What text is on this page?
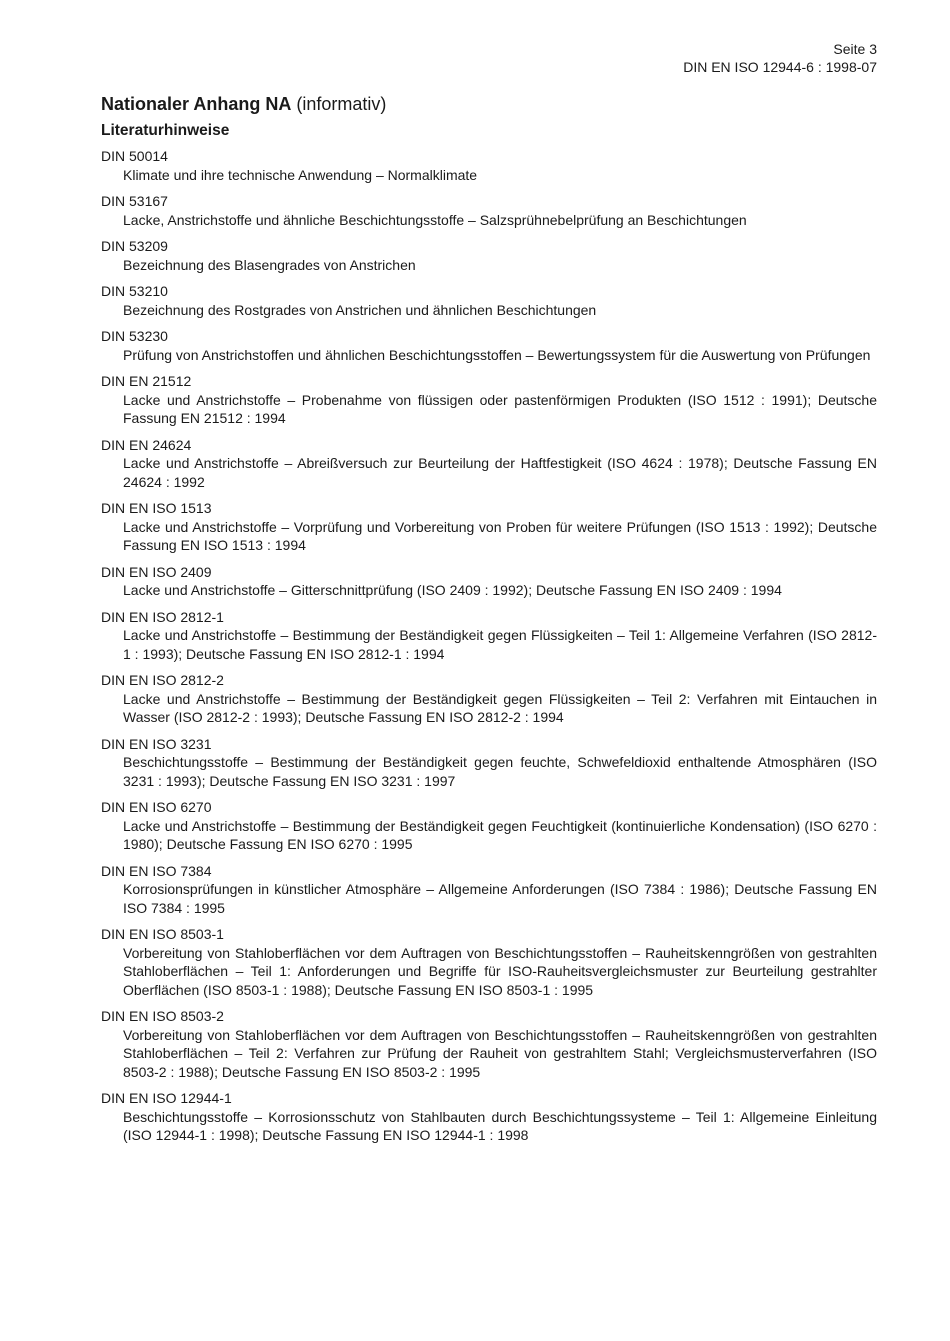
Seite 3
DIN EN ISO 12944-6 : 1998-07
Nationaler Anhang NA (informativ)
Literaturhinweise
DIN 50014
Klimate und ihre technische Anwendung – Normalklimate
DIN 53167
Lacke, Anstrichstoffe und ähnliche Beschichtungsstoffe – Salzsprühnebelprüfung an Beschichtungen
DIN 53209
Bezeichnung des Blasengrades von Anstrichen
DIN 53210
Bezeichnung des Rostgrades von Anstrichen und ähnlichen Beschichtungen
DIN 53230
Prüfung von Anstrichstoffen und ähnlichen Beschichtungsstoffen – Bewertungssystem für die Auswertung von Prüfungen
DIN EN 21512
Lacke und Anstrichstoffe – Probenahme von flüssigen oder pastenförmigen Produkten (ISO 1512 : 1991); Deutsche Fassung EN 21512 : 1994
DIN EN 24624
Lacke und Anstrichstoffe – Abreißversuch zur Beurteilung der Haftfestigkeit (ISO 4624 : 1978); Deutsche Fassung EN 24624 : 1992
DIN EN ISO 1513
Lacke und Anstrichstoffe – Vorprüfung und Vorbereitung von Proben für weitere Prüfungen (ISO 1513 : 1992); Deutsche Fassung EN ISO 1513 : 1994
DIN EN ISO 2409
Lacke und Anstrichstoffe – Gitterschnittprüfung (ISO 2409 : 1992); Deutsche Fassung EN ISO 2409 : 1994
DIN EN ISO 2812-1
Lacke und Anstrichstoffe – Bestimmung der Beständigkeit gegen Flüssigkeiten – Teil 1: Allgemeine Verfahren (ISO 2812-1 : 1993); Deutsche Fassung EN ISO 2812-1 : 1994
DIN EN ISO 2812-2
Lacke und Anstrichstoffe – Bestimmung der Beständigkeit gegen Flüssigkeiten – Teil 2: Verfahren mit Eintauchen in Wasser (ISO 2812-2 : 1993); Deutsche Fassung EN ISO 2812-2 : 1994
DIN EN ISO 3231
Beschichtungsstoffe – Bestimmung der Beständigkeit gegen feuchte, Schwefeldioxid enthaltende Atmosphären (ISO 3231 : 1993); Deutsche Fassung EN ISO 3231 : 1997
DIN EN ISO 6270
Lacke und Anstrichstoffe – Bestimmung der Beständigkeit gegen Feuchtigkeit (kontinuierliche Kondensation) (ISO 6270 : 1980); Deutsche Fassung EN ISO 6270 : 1995
DIN EN ISO 7384
Korrosionsprüfungen in künstlicher Atmosphäre – Allgemeine Anforderungen (ISO 7384 : 1986); Deutsche Fassung EN ISO 7384 : 1995
DIN EN ISO 8503-1
Vorbereitung von Stahloberflächen vor dem Auftragen von Beschichtungsstoffen – Rauheitskenngrößen von gestrahlten Stahloberflächen – Teil 1: Anforderungen und Begriffe für ISO-Rauheitsvergleichsmuster zur Beurteilung gestrahlter Oberflächen (ISO 8503-1 : 1988); Deutsche Fassung EN ISO 8503-1 : 1995
DIN EN ISO 8503-2
Vorbereitung von Stahloberflächen vor dem Auftragen von Beschichtungsstoffen – Rauheitskenngrößen von gestrahlten Stahloberflächen – Teil 2: Verfahren zur Prüfung der Rauheit von gestrahltem Stahl; Vergleichsmusterverfahren (ISO 8503-2 : 1988); Deutsche Fassung EN ISO 8503-2 : 1995
DIN EN ISO 12944-1
Beschichtungsstoffe – Korrosionsschutz von Stahlbauten durch Beschichtungssysteme – Teil 1: Allgemeine Einleitung (ISO 12944-1 : 1998); Deutsche Fassung EN ISO 12944-1 : 1998
